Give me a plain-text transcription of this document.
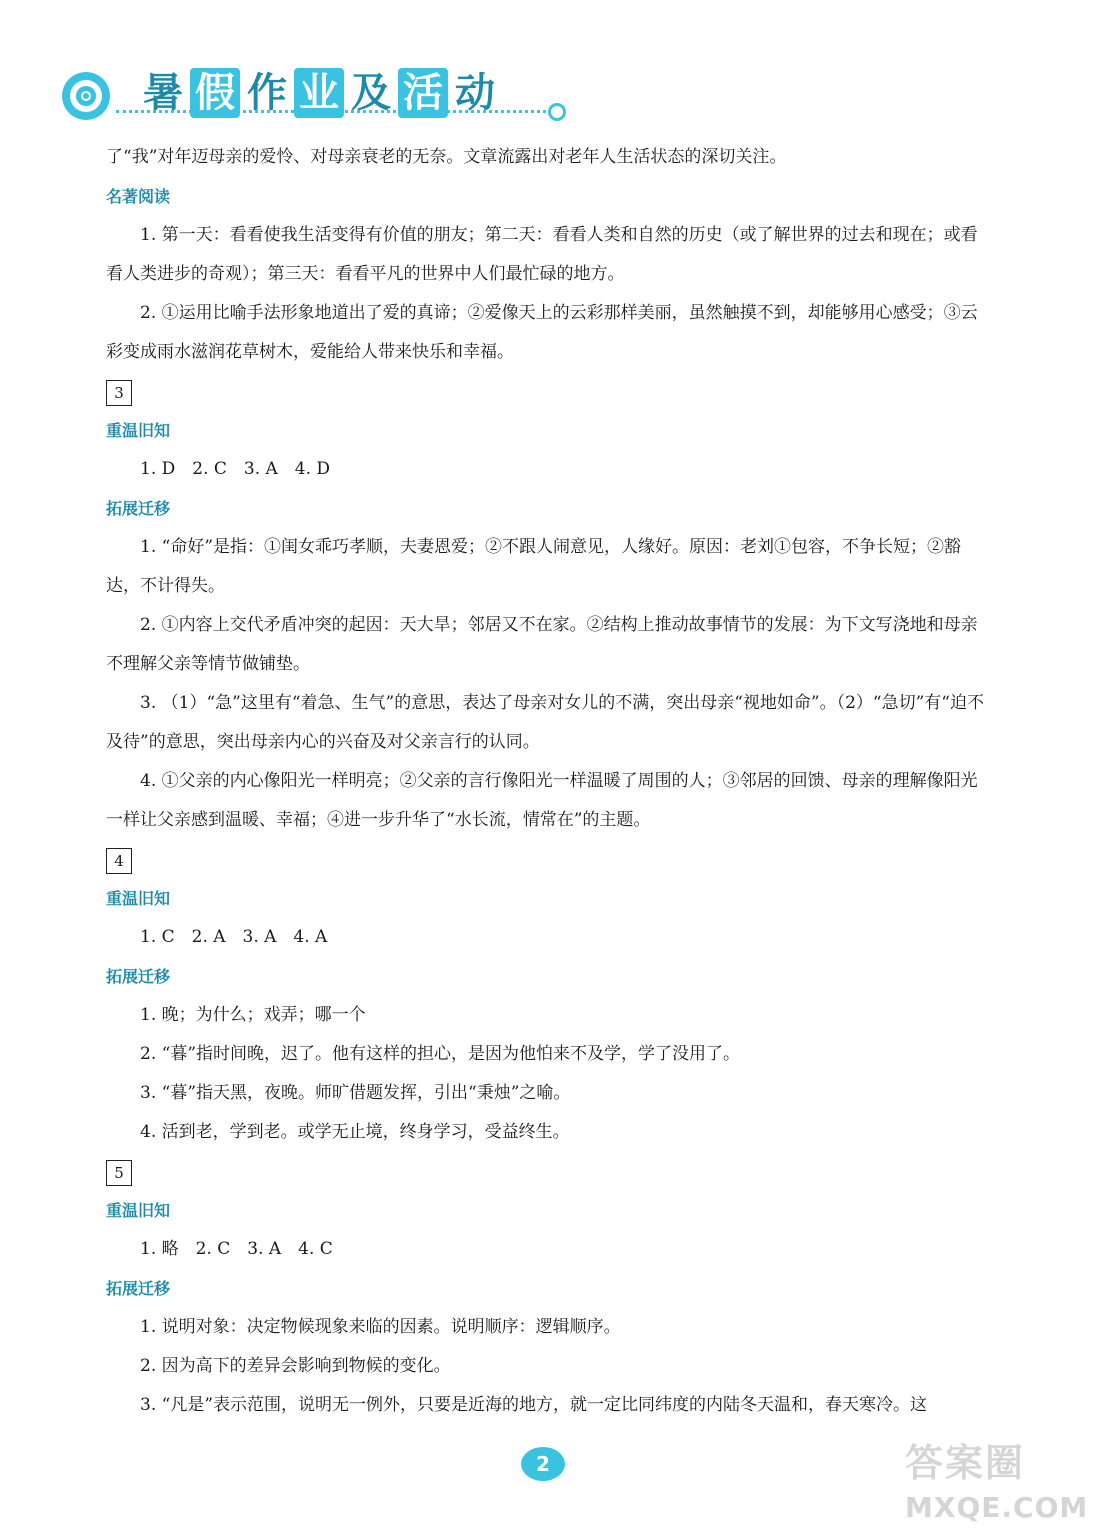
暑 假 作 业 及 活 动

了“我”对年迈母亲的爱怜、对母亲衰老的无奈。文章流露出对老年人生活状态的深切关注。

名著阅读

1. 第一天：看看使我生活变得有价值的朋友；第二天：看看人类和自然的历史（或了解世界的过去和现在；或看看人类进步的奇观）；第三天：看看平凡的世界中人们最忙碌的地方。

2. ①运用比喻手法形象地道出了爱的真谛；②爱像天上的云彩那样美丽，虽然触摸不到，却能够用心感受；③云彩变成雨水滋润花草树木，爱能给人带来快乐和幸福。

3

重温旧知

1. D　2. C　3. A　4. D

拓展迁移

1. “命好”是指：①闺女乖巧孝顺，夫妻恩爱；②不跟人闹意见，人缘好。原因：老刘①包容，不争长短；②豁达，不计得失。

2. ①内容上交代矛盾冲突的起因：天大旱；邻居又不在家。②结构上推动故事情节的发展：为下文写浇地和母亲不理解父亲等情节做铺垫。

3. （1）“急”这里有“着急、生气”的意思，表达了母亲对女儿的不满，突出母亲“视地如命”。（2）“急切”有“迫不及待”的意思，突出母亲内心的兴奋及对父亲言行的认同。

4. ①父亲的内心像阳光一样明亮；②父亲的言行像阳光一样温暖了周围的人；③邻居的回馈、母亲的理解像阳光一样让父亲感到温暖、幸福；④进一步升华了“水长流，情常在”的主题。

4

重温旧知

1. C　2. A　3. A　4. A

拓展迁移

1. 晚；为什么；戏弄；哪一个

2. “暮”指时间晚，迟了。他有这样的担心，是因为他怕来不及学，学了没用了。

3. “暮”指天黑，夜晚。师旷借题发挥，引出“秉烛”之喻。

4. 活到老，学到老。或学无止境，终身学习，受益终生。

5

重温旧知

1. 略　2. C　3. A　4. C

拓展迁移

1. 说明对象：决定物候现象来临的因素。说明顺序：逻辑顺序。

2. 因为高下的差异会影响到物候的变化。

3. “凡是”表示范围，说明无一例外，只要是近海的地方，就一定比同纬度的内陆冬天温和，春天寒冷。这

2	答案圈
MXQE.COM
